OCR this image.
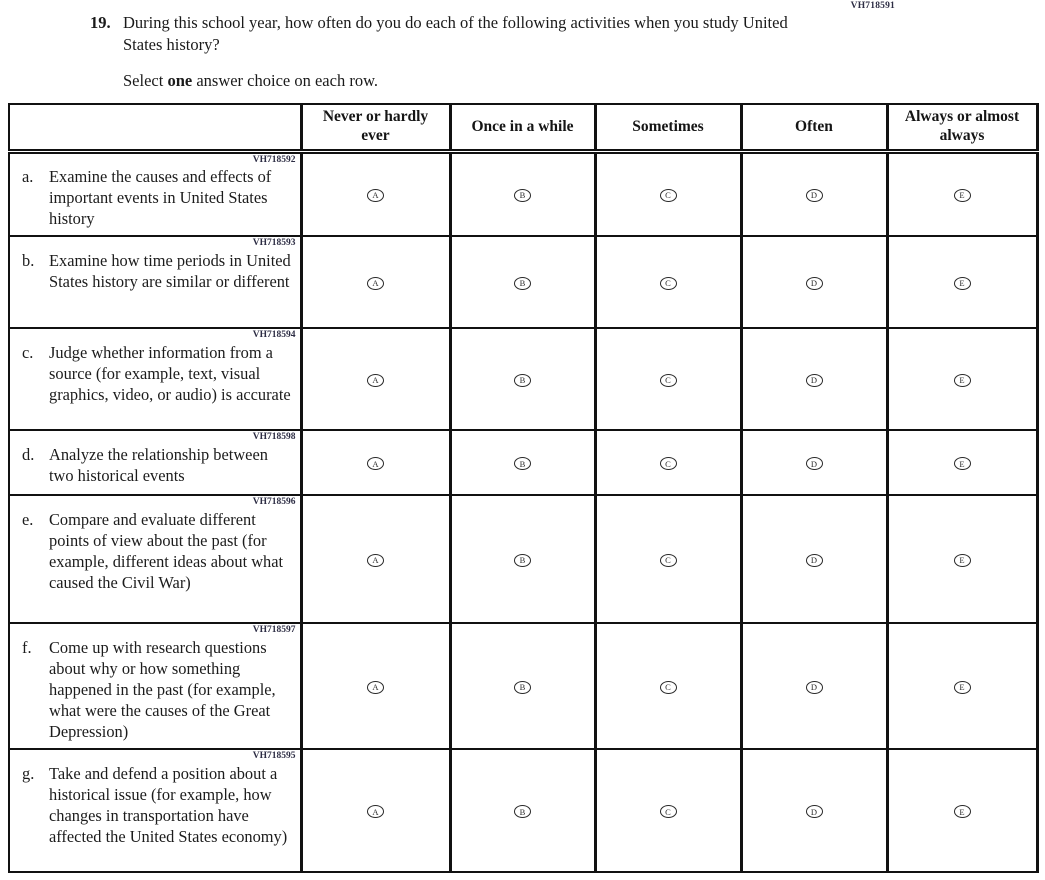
VH718591
19. During this school year, how often do you do each of the following activities when you study United States history?
Select one answer choice on each row.
	Never or hardly ever	Once in a while	Sometimes	Often	Always or almost always

VH718592
a. Examine the causes and effects of important events in United States history	A	B	C	D	E

VH718593
b. Examine how time periods in United States history are similar or different	A	B	C	D	E

VH718594
c. Judge whether information from a source (for example, text, visual graphics, video, or audio) is accurate	A	B	C	D	E

VH718598
d. Analyze the relationship between two historical events	A	B	C	D	E

VH718596
e. Compare and evaluate different points of view about the past (for example, different ideas about what caused the Civil War)	A	B	C	D	E

VH718597
f. Come up with research questions about why or how something happened in the past (for example, what were the causes of the Great Depression)	A	B	C	D	E

VH718595
g. Take and defend a position about a historical issue (for example, how changes in transportation have affected the United States economy)	A	B	C	D	E
